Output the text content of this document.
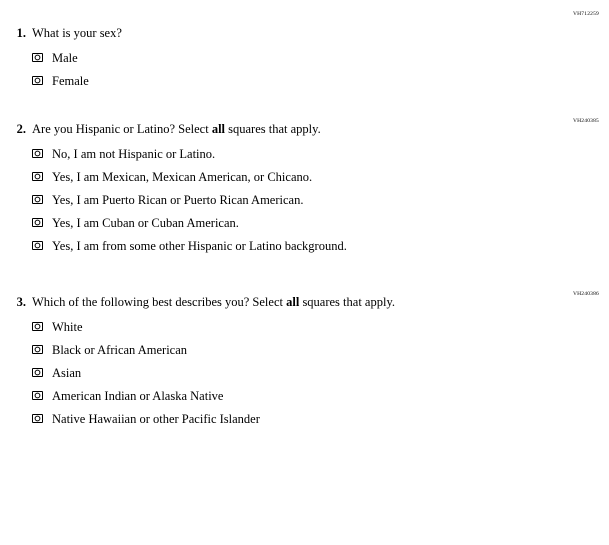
VH712259
1. What is your sex?
Male
Female
VH240385
2. Are you Hispanic or Latino? Select all squares that apply.
No, I am not Hispanic or Latino.
Yes, I am Mexican, Mexican American, or Chicano.
Yes, I am Puerto Rican or Puerto Rican American.
Yes, I am Cuban or Cuban American.
Yes, I am from some other Hispanic or Latino background.
VH240386
3. Which of the following best describes you? Select all squares that apply.
White
Black or African American
Asian
American Indian or Alaska Native
Native Hawaiian or other Pacific Islander
